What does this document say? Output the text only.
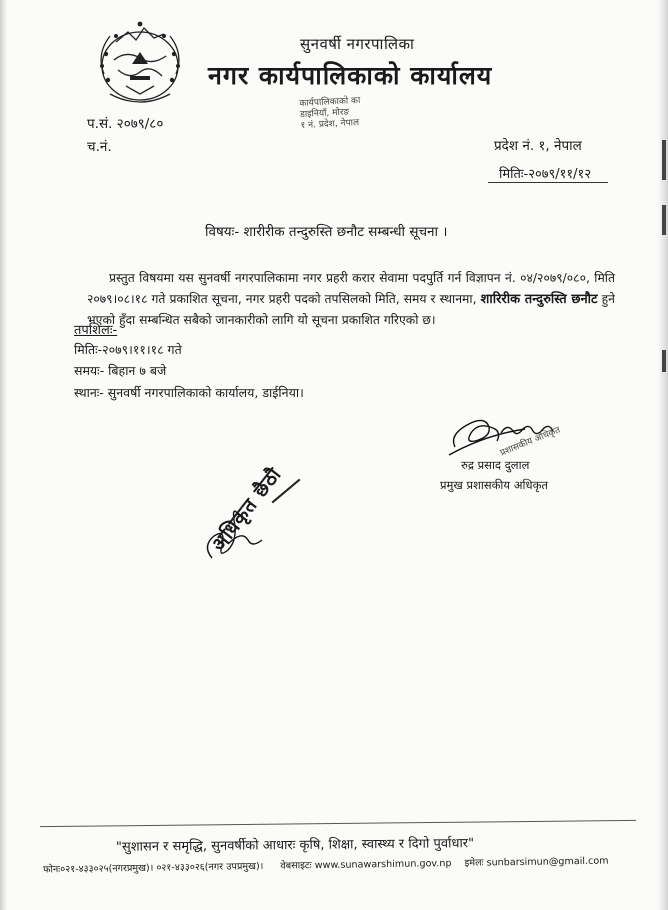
सुनवर्षी नगरपालिका
नगर कार्यपालिकाको कार्यालय
कार्यपालिकाको का
डाइनियाँ, मोरङ
१ नं. प्रदेश, नेपाल
प.सं. २०७९/८०
च.नं.	प्रदेश नं. १, नेपाल
मितिः-२०७९/११/१२
विषयः- शारीरीक तन्दुरुस्ति छनौट सम्बन्धी सूचना ।
प्रस्तुत विषयमा यस सुनवर्षी नगरपालिकामा नगर प्रहरी करार सेवामा पदपुर्ति गर्न विज्ञापन नं. ०४/२०७९/०८०, मिति २०७९।०८।१८ गते प्रकाशित सूचना, नगर प्रहरी पदको तपसिलको मिति, समय र स्थानमा, शारिरीक तन्दुरुस्ति छनौट हुने भएको हुँदा सम्बन्धित सबैको जानकारीको लागि यो सूचना प्रकाशित गरिएको छ।
तपशिलः-
मितिः-२०७९।११।१८ गते
समयः- बिहान ७ बजे
स्थानः- सुनवर्षी नगरपालिकाको कार्यालय, डाईनिया।
प्रशासकीय अधिकृत
रुद्र प्रसाद दुलाल
प्रमुख प्रशासकीय अधिकृत
अधिकृत छैठौ
"सुशासन र समृद्धि, सुनवर्षीको आधारः कृषि, शिक्षा, स्वास्थ्य र दिगो पुर्वाधार"
फोनः०२१-४३३०२५(नगरप्रमुख)। ०२१-४३३०२६(नगर उपप्रमुख)। वेबसाइटः www.sunawarshimun.gov.np इमेलः sunbarsimun@gmail.com
